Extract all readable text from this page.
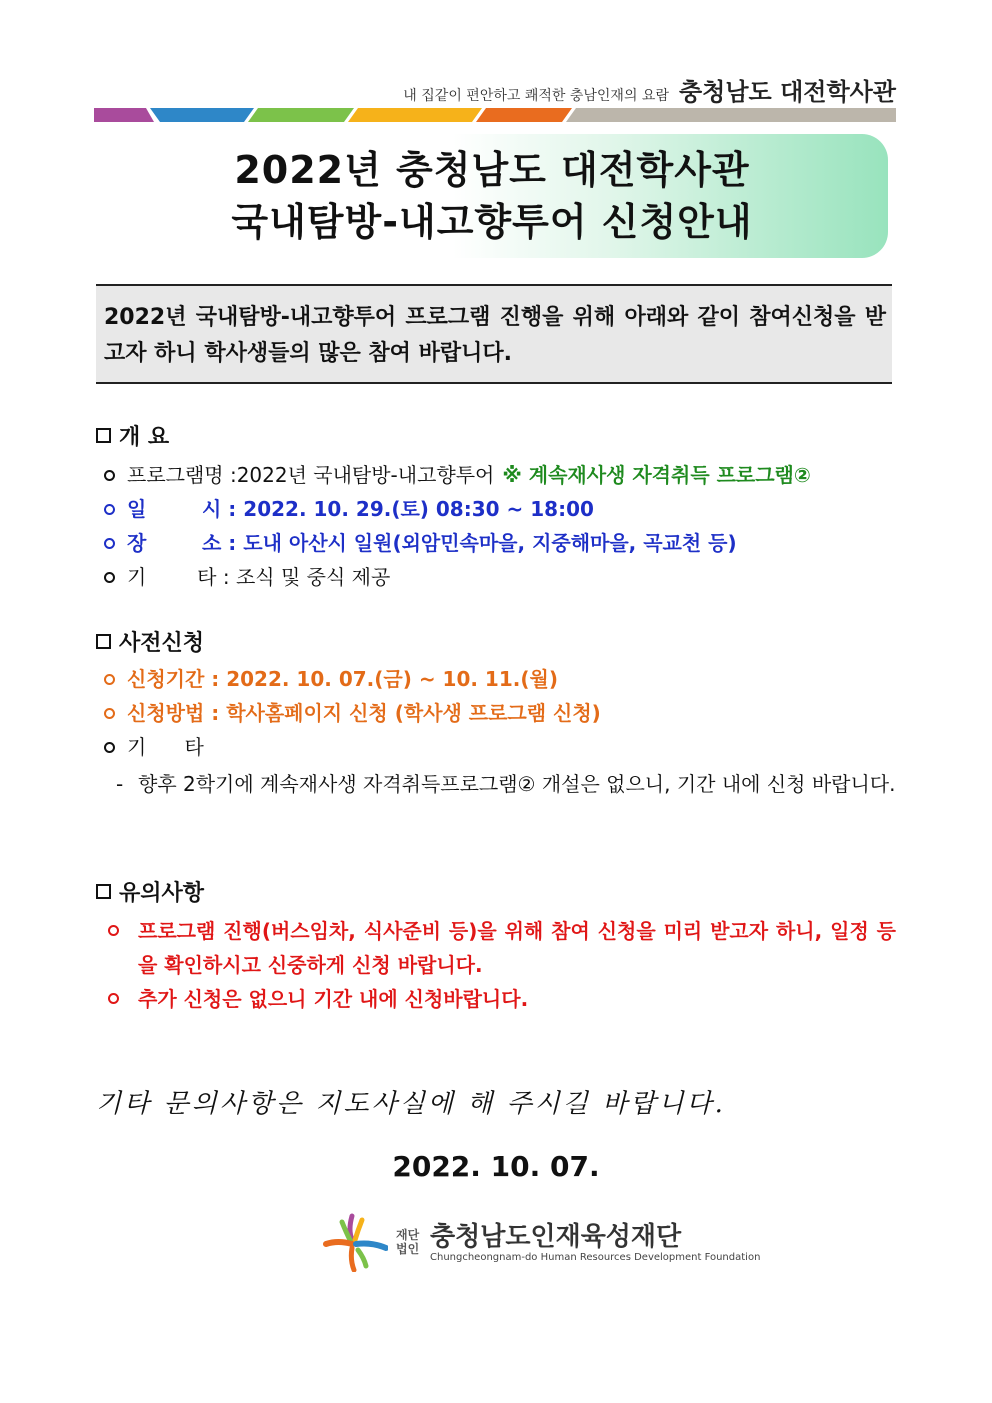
내 집같이 편안하고 쾌적한 충남인재의 요람 충청남도 대전학사관
2022년 충청남도 대전학사관
국내탐방-내고향투어 신청안내

2022년 국내탐방-내고향투어 프로그램 진행을 위해 아래와 같이 참여신청을 받고자 하니 학사생들의 많은 참여 바랍니다.

개 요
프로그램명 : 2022년 국내탐방-내고향투어 ※ 계속재사생 자격취득 프로그램②
일        시 : 2022. 10. 29.(토) 08:30 ~ 18:00
장        소 : 도내 아산시 일원(외암민속마을, 지중해마을, 곡교천 등)
기        타 : 조식 및 중식 제공
사전신청
신청기간 : 2022. 10. 07.(금) ~ 10. 11.(월)
신청방법 : 학사홈페이지 신청 (학사생 프로그램 신청)
기      타
- 향후 2학기에 계속재사생 자격취득프로그램② 개설은 없으니, 기간 내에 신청 바랍니다.
유의사항
프로그램 진행(버스임차, 식사준비 등)을 위해 참여 신청을 미리 받고자 하니, 일정 등을 확인하시고 신중하게 신청 바랍니다.
추가 신청은 없으니 기간 내에 신청바랍니다.
기타 문의사항은 지도사실에 해 주시길 바랍니다.
2022. 10. 07.
재단법인 충청남도인재육성재단
Chungcheongnam-do Human Resources Development Foundation
